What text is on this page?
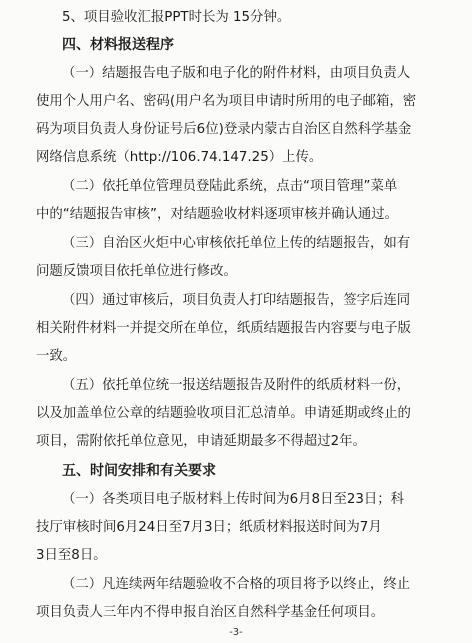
5、项目验收汇报PPT时长为 15分钟。
四、材料报送程序
（一）结题报告电子版和电子化的附件材料，由项目负责人
使用个人用户名、密码(用户名为项目申请时所用的电子邮箱，密
码为项目负责人身份证号后6位)登录内蒙古自治区自然科学基金
网络信息系统（http://106.74.147.25）上传。
（二）依托单位管理员登陆此系统，点击“项目管理”菜单
中的“结题报告审核”，对结题验收材料逐项审核并确认通过。
（三）自治区火炬中心审核依托单位上传的结题报告，如有
问题反馈项目依托单位进行修改。
（四）通过审核后，项目负责人打印结题报告，签字后连同
相关附件材料一并提交所在单位，纸质结题报告内容要与电子版
一致。
（五）依托单位统一报送结题报告及附件的纸质材料一份，
以及加盖单位公章的结题验收项目汇总清单。申请延期或终止的
项目，需附依托单位意见，申请延期最多不得超过2年。
五、时间安排和有关要求
（一）各类项目电子版材料上传时间为6月8日至23日；科
技厅审核时间6月24日至7月3日；纸质材料报送时间为7月
3日至8日。
（二）凡连续两年结题验收不合格的项目将予以终止，终止
项目负责人三年内不得申报自治区自然科学基金任何项目。
-3-
